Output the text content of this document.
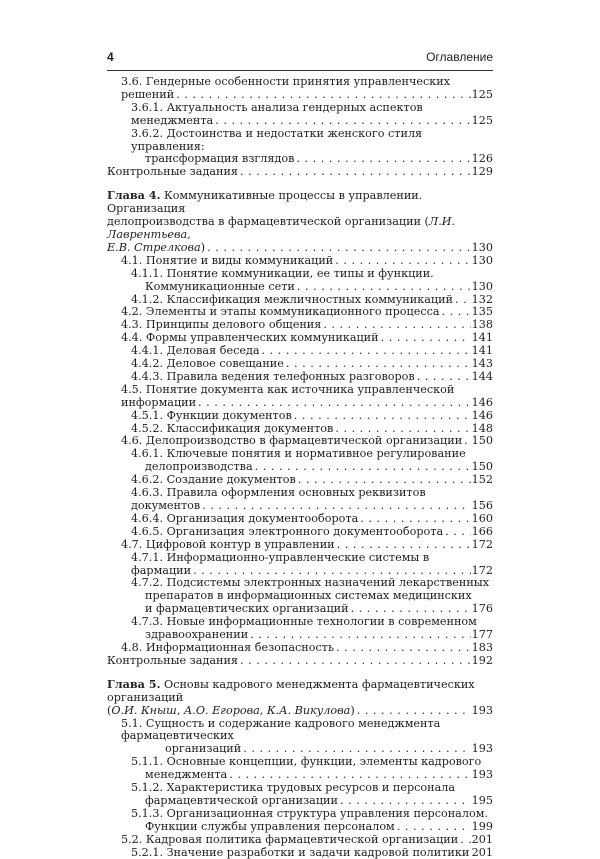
4	Оглавление
3.6. Гендерные особенности принятия управленческих решений . . .	125
3.6.1. Актуальность анализа гендерных аспектов менеджмента . . .	125
3.6.2. Достоинства и недостатки женского стиля управления:
трансформация взглядов . . .	126
Контрольные задания . . .	129
Глава 4. Коммуникативные процессы в управлении. Организация
делопроизводства в фармацевтической организации (Л.И. Лаврентьева,
Е.В. Стрелкова) . . .	130
4.1. Понятие и виды коммуникаций . . .	130
4.1.1. Понятие коммуникации, ее типы и функции.
Коммуникационные сети . . .	130
4.1.2. Классификация межличностных коммуникаций . . .	132
4.2. Элементы и этапы коммуникационного процесса . . .	135
4.3. Принципы делового общения . . .	138
4.4. Формы управленческих коммуникаций . . .	141
4.4.1. Деловая беседа . . .	141
4.4.2. Деловое совещание . . .	143
4.4.3. Правила ведения телефонных разговоров . . .	144
4.5. Понятие документа как источника управленческой информации . . .	146
4.5.1. Функции документов . . .	146
4.5.2. Классификация документов . . .	148
4.6. Делопроизводство в фармацевтической организации . . . 150
4.6.1. Ключевые понятия и нормативное регулирование
делопроизводства . . .	150
4.6.2. Создание документов . . .	152
4.6.3. Правила оформления основных реквизитов документов . . .	156
4.6.4. Организация документооборота . . .	160
4.6.5. Организация электронного документооборота . . .	166
4.7. Цифровой контур в управлении . . .	172
4.7.1. Информационно-управленческие системы в фармации . . .	172
4.7.2. Подсистемы электронных назначений лекарственных
препаратов в информационных системах медицинских
и фармацевтических организаций . . .	176
4.7.3. Новые информационные технологии в современном
здравоохранении . . .	177
4.8. Информационная безопасность . . .	183
Контрольные задания . . .	192
Глава 5. Основы кадрового менеджмента фармацевтических организаций
(О.И. Кныш, А.О. Егорова, К.А. Викулова) . . .	193
5.1. Сущность и содержание кадрового менеджмента фармацевтических
организаций . . .	193
5.1.1. Основные концепции, функции, элементы кадрового
менеджмента . . .	193
5.1.2. Характеристика трудовых ресурсов и персонала
фармацевтической организации . . .	195
5.1.3. Организационная структура управления персоналом.
Функции службы управления персоналом . . .	199
5.2. Кадровая политика фармацевтической организации . . .	201
5.2.1. Значение разработки и задачи кадровой политики . . . 201
